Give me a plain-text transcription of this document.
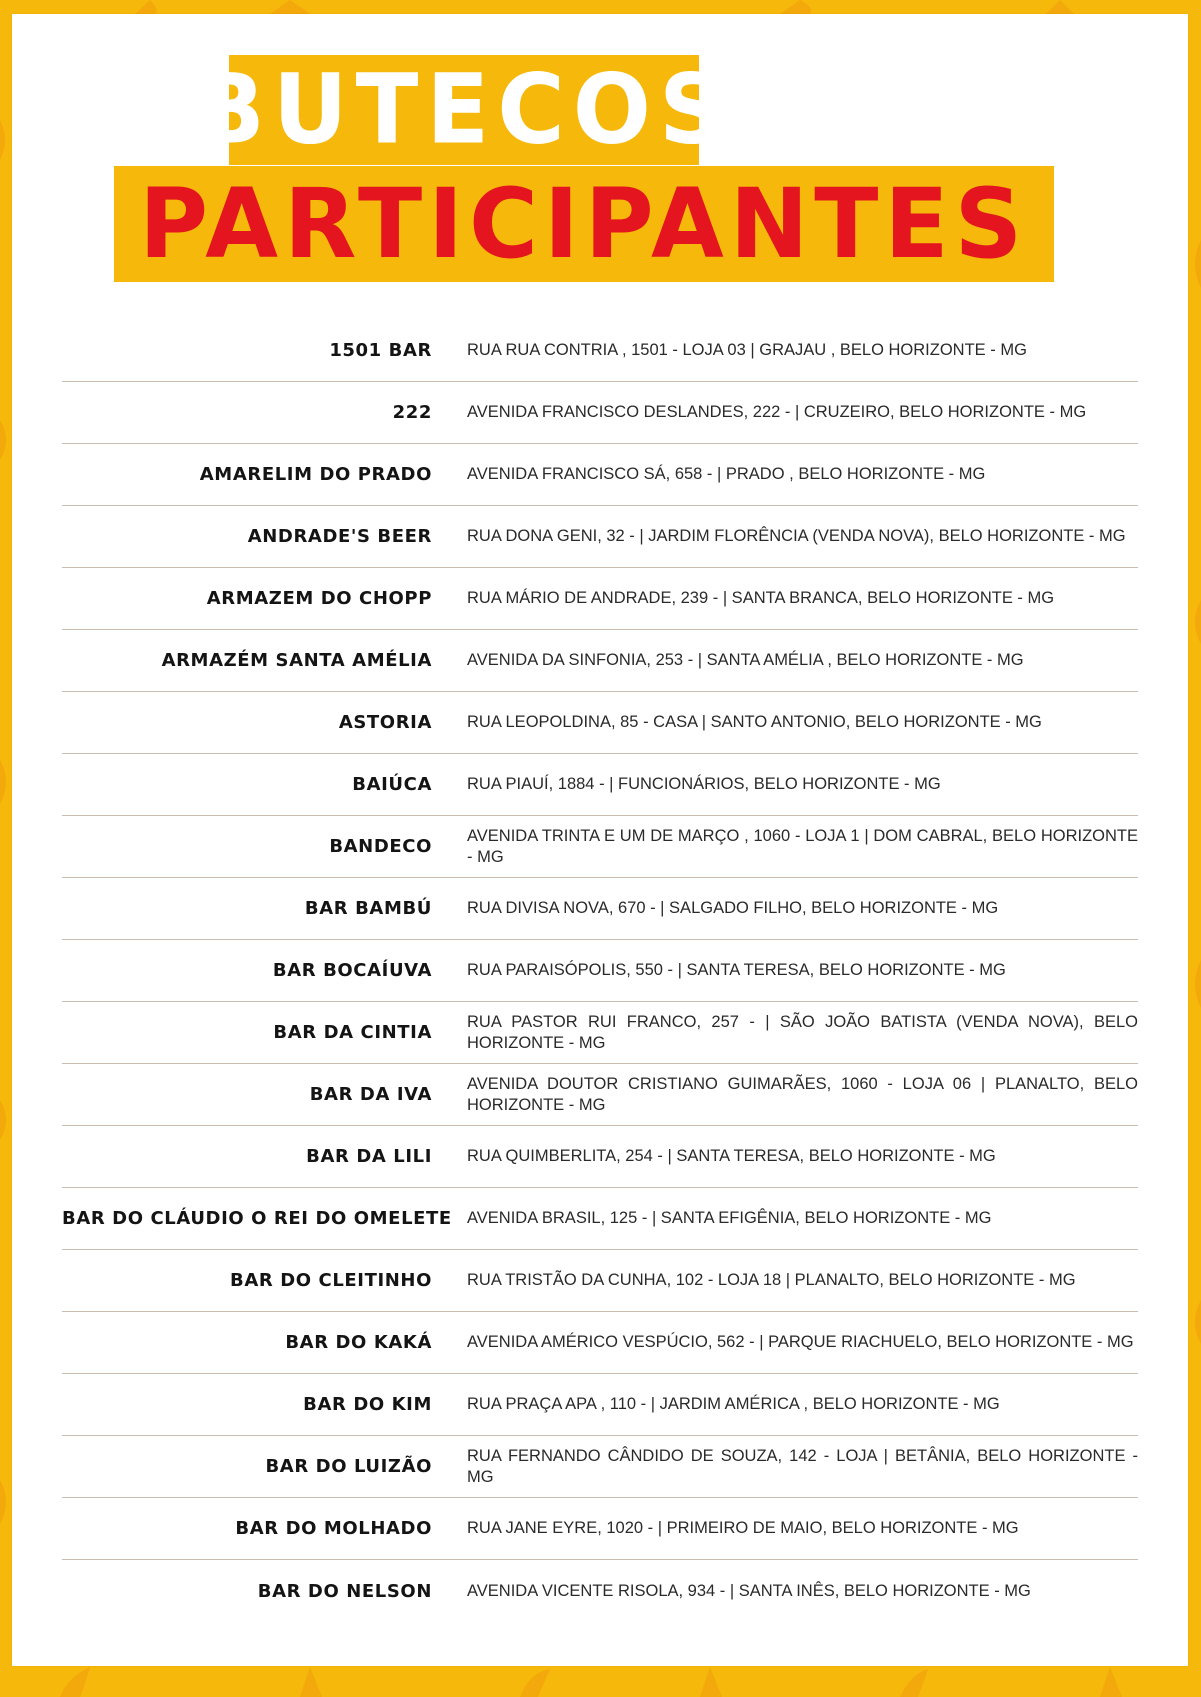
BUTECOS
PARTICIPANTES
1501 BAR RUA RUA CONTRIA , 1501 - LOJA 03 | GRAJAU , BELO HORIZONTE - MG
222 AVENIDA FRANCISCO DESLANDES, 222 - | CRUZEIRO, BELO HORIZONTE - MG
AMARELIM DO PRADO AVENIDA FRANCISCO SÁ, 658 - | PRADO , BELO HORIZONTE - MG
ANDRADE'S BEER RUA DONA GENI, 32 - | JARDIM FLORÊNCIA (VENDA NOVA), BELO HORIZONTE - MG
ARMAZEM DO CHOPP RUA MÁRIO DE ANDRADE, 239 - | SANTA BRANCA, BELO HORIZONTE - MG
ARMAZÉM SANTA AMÉLIA AVENIDA DA SINFONIA, 253 - | SANTA AMÉLIA , BELO HORIZONTE - MG
ASTORIA RUA LEOPOLDINA, 85 - CASA | SANTO ANTONIO, BELO HORIZONTE - MG
BAIÚCA RUA PIAUÍ, 1884 - | FUNCIONÁRIOS, BELO HORIZONTE - MG
BANDECO
AVENIDA TRINTA E UM DE MARÇO , 1060 - LOJA 1 | DOM CABRAL, BELO HORIZONTE - MG
BAR BAMBÚ RUA DIVISA NOVA, 670 - | SALGADO FILHO, BELO HORIZONTE - MG
BAR BOCAÍUVA RUA PARAISÓPOLIS, 550 - | SANTA TERESA, BELO HORIZONTE - MG
BAR DA CINTIA
RUA PASTOR RUI FRANCO, 257 - | SÃO JOÃO BATISTA (VENDA NOVA), BELO HORIZONTE - MG
BAR DA IVA
AVENIDA DOUTOR CRISTIANO GUIMARÃES, 1060 - LOJA 06 | PLANALTO, BELO HORIZONTE - MG
BAR DA LILI RUA QUIMBERLITA, 254 - | SANTA TERESA, BELO HORIZONTE - MG
BAR DO CLÁUDIO O REI DO OMELETE AVENIDA BRASIL, 125 - | SANTA EFIGÊNIA, BELO HORIZONTE - MG
BAR DO CLEITINHO RUA TRISTÃO DA CUNHA, 102 - LOJA 18 | PLANALTO, BELO HORIZONTE - MG
BAR DO KAKÁ AVENIDA AMÉRICO VESPÚCIO, 562 - | PARQUE RIACHUELO, BELO HORIZONTE - MG
BAR DO KIM RUA PRAÇA APA , 110 - | JARDIM AMÉRICA , BELO HORIZONTE - MG
BAR DO LUIZÃO
RUA FERNANDO CÂNDIDO DE SOUZA, 142 - LOJA | BETÂNIA, BELO HORIZONTE - MG
BAR DO MOLHADO RUA JANE EYRE, 1020 - | PRIMEIRO DE MAIO, BELO HORIZONTE - MG
BAR DO NELSON AVENIDA VICENTE RISOLA, 934 - | SANTA INÊS, BELO HORIZONTE - MG
